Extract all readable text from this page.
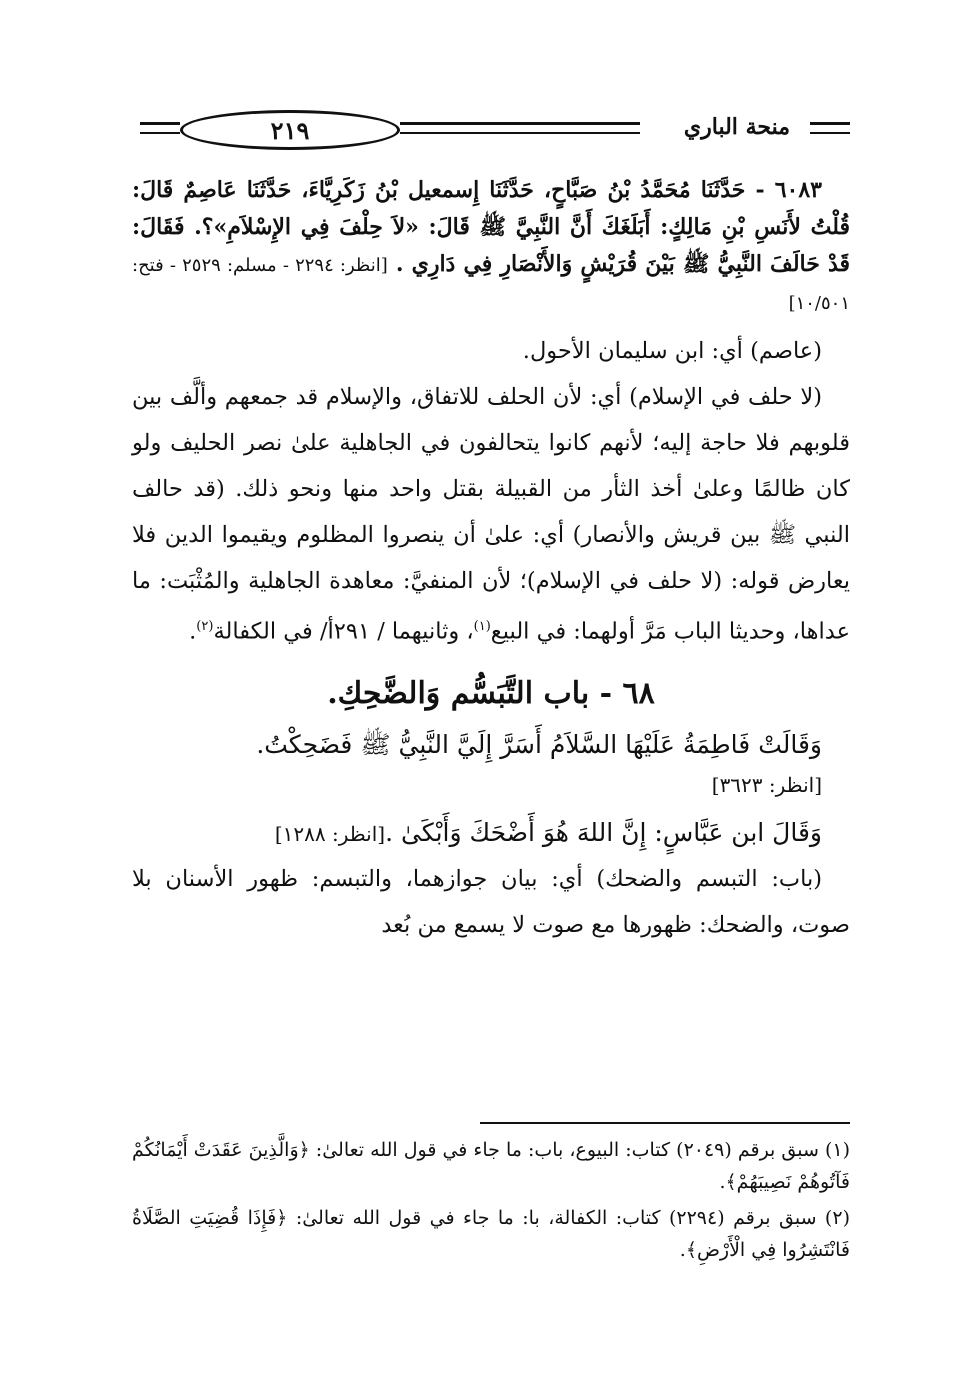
٢١٩	منحة الباري

٦٠٨٣ - حَدَّثَنَا مُحَمَّدُ بْنُ صَبَّاحٍ، حَدَّثَنَا إِسمعيل بْنُ زَكَرِيَّاءَ، حَدَّثَنَا عَاصِمٌ قَالَ: قُلْتُ لأَنَسِ بْنِ مَالِكٍ: أَبَلَغَكَ أَنَّ النَّبِيَّ ﷺ قَالَ: «لاَ حِلْفَ فِي الإِسْلاَمِ»؟. فَقَالَ: قَدْ حَالَفَ النَّبِيُّ ﷺ بَيْنَ قُرَيْشٍ وَالأَنْصَارِ فِي دَارِي . [انظر: ٢٢٩٤ - مسلم: ٢٥٢٩ - فتح: ١٠/٥٠١]

(عاصم) أي: ابن سليمان الأحول.

(لا حلف في الإسلام) أي: لأن الحلف للاتفاق، والإسلام قد جمعهم وألَّف بين قلوبهم فلا حاجة إليه؛ لأنهم كانوا يتحالفون في الجاهلية علىٰ نصر الحليف ولو كان ظالمًا وعلىٰ أخذ الثأر من القبيلة بقتل واحد منها ونحو ذلك. (قد حالف النبي ﷺ بين قريش والأنصار) أي: علىٰ أن ينصروا المظلوم ويقيموا الدين فلا يعارض قوله: (لا حلف في الإسلام)؛ لأن المنفيَّ: معاهدة الجاهلية والمُثْبَت: ما عداها، وحديثا الباب مَرَّ أولهما: في البيع$^{(١)}$، وثانيهما / ٢٩١أ/ في الكفالة$^{(٢)}$.

٦٨ - باب التَّبَسُّم وَالضَّحِكِ.

وَقَالَتْ فَاطِمَةُ عَلَيْهَا السَّلاَمُ أَسَرَّ إِلَيَّ النَّبِيُّ ﷺ فَضَحِكْتُ.

[انظر: ٣٦٢٣]

وَقَالَ ابن عَبَّاسٍ: إِنَّ اللهَ هُوَ أَضْحَكَ وَأَبْكَىٰ .[انظر: ١٢٨٨]

(باب: التبسم والضحك) أي: بيان جوازهما، والتبسم: ظهور الأسنان بلا صوت، والضحك: ظهورها مع صوت لا يسمع من بُعد

(١) سبق برقم (٢٠٤٩) كتاب: البيوع، باب: ما جاء في قول الله تعالىٰ: ﴿وَالَّذِينَ عَقَدَتْ أَيْمَانُكُمْ فَآتُوهُمْ نَصِيبَهُمْ﴾.

(٢) سبق برقم (٢٢٩٤) كتاب: الكفالة، با: ما جاء في قول الله تعالىٰ: ﴿فَإِذَا قُضِيَتِ الصَّلَاةُ فَانْتَشِرُوا فِي الْأَرْضِ﴾.
